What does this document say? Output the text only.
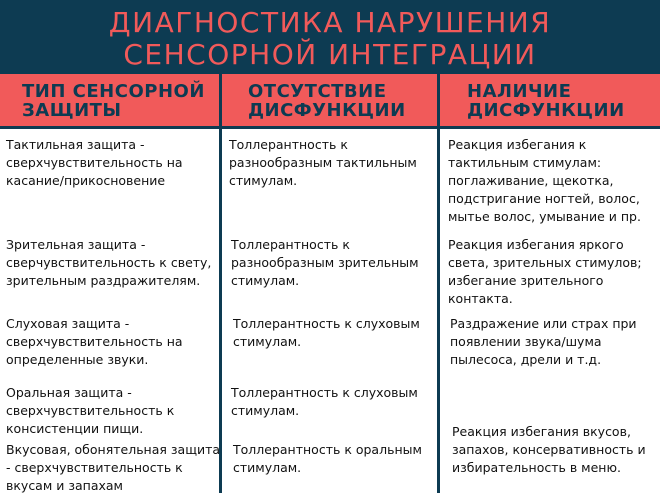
ДИАГНОСТИКА НАРУШЕНИЯ
СЕНСОРНОЙ ИНТЕГРАЦИИ
ТИП СЕНСОРНОЙ
ЗАЩИТЫ
ОТСУТСТВИЕ
ДИСФУНКЦИИ
НАЛИЧИЕ
ДИСФУНКЦИИ
Тактильная защита -
сверхчувствительность на
касание/прикосновение
Толлерантность к
разнообразным тактильным
стимулам.
Реакция избегания к
тактильным стимулам:
поглаживание, щекотка,
подстригание ногтей, волос,
мытье волос, умывание и пр.
Зрительная защита -
сверчувствительность к свету,
зрительным раздражителям.
Толлерантность к
разнообразным зрительным
стимулам.
Реакция избегания яркого
света, зрительных стимулов;
избегание зрительного
контакта.
Слуховая защита -
сверхчувствительность на
определенные звуки.
Толлерантность к слуховым
стимулам.
Раздражение или страх при
появлении звука/шума
пылесоса, дрели и т.д.
Оральная защита -
сверхчувствительность к
консистенции пищи.
Толлерантность к слуховым
стимулам.
Вкусовая, обонятельная защита
- сверхчувствительность к
вкусам и запахам
Толлерантность к оральным
стимулам.
Реакция избегания вкусов,
запахов, консервативность и
избирательность в меню.
